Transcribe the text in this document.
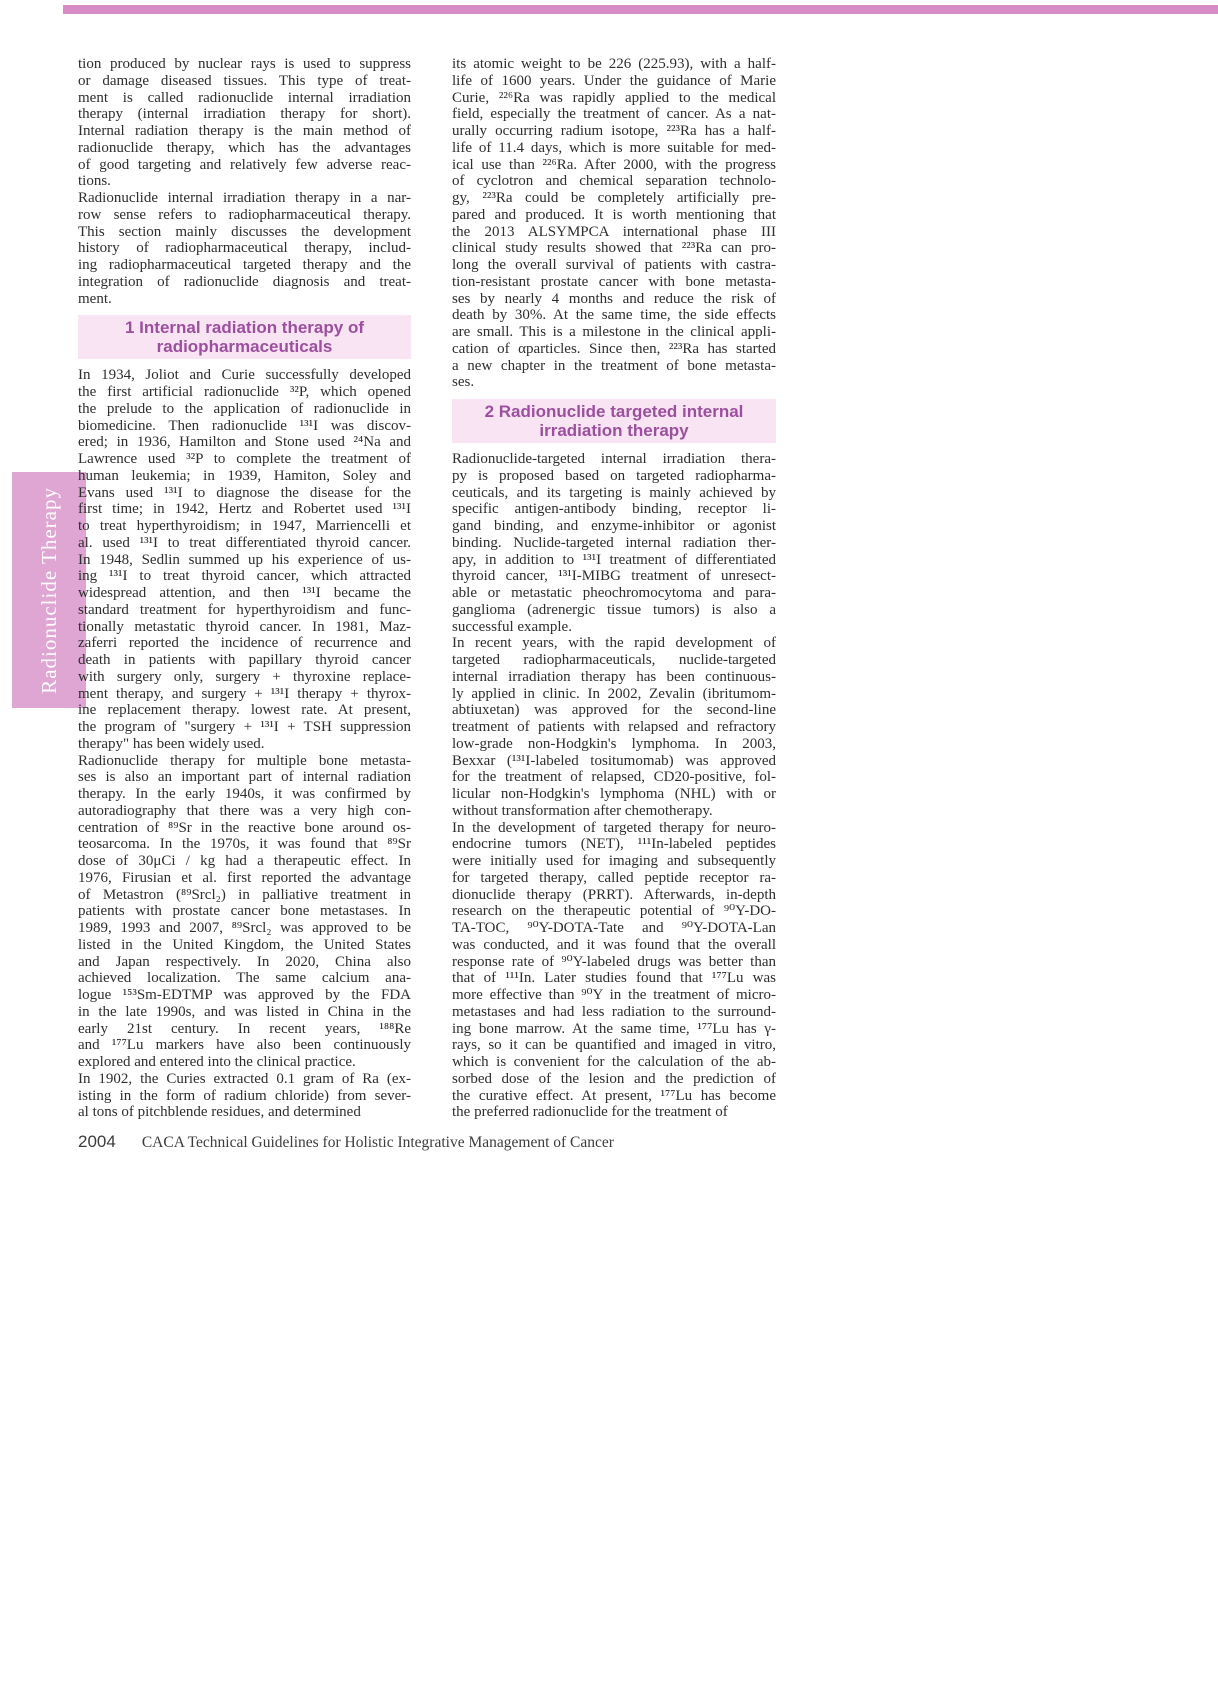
Radionuclide Therapy
tion produced by nuclear rays is used to suppress
or damage diseased tissues. This type of treat-
ment is called radionuclide internal irradiation
therapy (internal irradiation therapy for short).
Internal radiation therapy is the main method of
radionuclide therapy, which has the advantages
of good targeting and relatively few adverse reac-
tions.
Radionuclide internal irradiation therapy in a nar-
row sense refers to radiopharmaceutical therapy.
This section mainly discusses the development
history of radiopharmaceutical therapy, includ-
ing radiopharmaceutical targeted therapy and the
integration of radionuclide diagnosis and treat-
ment.
1 Internal radiation therapy of radiopharmaceuticals
In 1934, Joliot and Curie successfully developed
the first artificial radionuclide ³²P, which opened
the prelude to the application of radionuclide in
biomedicine. Then radionuclide ¹³¹I was discov-
ered; in 1936, Hamilton and Stone used ²⁴Na and
Lawrence used ³²P to complete the treatment of
human leukemia; in 1939, Hamiton, Soley and
Evans used ¹³¹I to diagnose the disease for the
first time; in 1942, Hertz and Robertet used ¹³¹I
to treat hyperthyroidism; in 1947, Marriencelli et
al. used ¹³¹I to treat differentiated thyroid cancer.
In 1948, Sedlin summed up his experience of us-
ing ¹³¹I to treat thyroid cancer, which attracted
widespread attention, and then ¹³¹I became the
standard treatment for hyperthyroidism and func-
tionally metastatic thyroid cancer. In 1981, Maz-
zaferri reported the incidence of recurrence and
death in patients with papillary thyroid cancer
with surgery only, surgery + thyroxine replace-
ment therapy, and surgery + ¹³¹I therapy + thyrox-
ine replacement therapy. lowest rate. At present,
the program of "surgery + ¹³¹I + TSH suppression
therapy" has been widely used.
Radionuclide therapy for multiple bone metasta-
ses is also an important part of internal radiation
therapy. In the early 1940s, it was confirmed by
autoradiography that there was a very high con-
centration of ⁸⁹Sr in the reactive bone around os-
teosarcoma. In the 1970s, it was found that ⁸⁹Sr
dose of 30μCi / kg had a therapeutic effect. In
1976, Firusian et al. first reported the advantage
of Metastron (⁸⁹Srcl₂) in palliative treatment in
patients with prostate cancer bone metastases. In
1989, 1993 and 2007, ⁸⁹Srcl₂ was approved to be
listed in the United Kingdom, the United States
and Japan respectively. In 2020, China also
achieved localization. The same calcium ana-
logue ¹⁵³Sm-EDTMP was approved by the FDA
in the late 1990s, and was listed in China in the
early 21st century. In recent years, ¹⁸⁸Re
and ¹⁷⁷Lu markers have also been continuously
explored and entered into the clinical practice.
In 1902, the Curies extracted 0.1 gram of Ra (ex-
isting in the form of radium chloride) from sever-
al tons of pitchblende residues, and determined
its atomic weight to be 226 (225.93), with a half-
life of 1600 years. Under the guidance of Marie
Curie, ²²⁶Ra was rapidly applied to the medical
field, especially the treatment of cancer. As a nat-
urally occurring radium isotope, ²²³Ra has a half-
life of 11.4 days, which is more suitable for med-
ical use than ²²⁶Ra. After 2000, with the progress
of cyclotron and chemical separation technolo-
gy, ²²³Ra could be completely artificially pre-
pared and produced. It is worth mentioning that
the 2013 ALSYMPCA international phase III
clinical study results showed that ²²³Ra can pro-
long the overall survival of patients with castra-
tion-resistant prostate cancer with bone metasta-
ses by nearly 4 months and reduce the risk of
death by 30%. At the same time, the side effects
are small. This is a milestone in the clinical appli-
cation of αparticles. Since then, ²²³Ra has started
a new chapter in the treatment of bone metasta-
ses.
2 Radionuclide targeted internal irradiation therapy
Radionuclide-targeted internal irradiation thera-
py is proposed based on targeted radiopharma-
ceuticals, and its targeting is mainly achieved by
specific antigen-antibody binding, receptor li-
gand binding, and enzyme-inhibitor or agonist
binding. Nuclide-targeted internal radiation ther-
apy, in addition to ¹³¹I treatment of differentiated
thyroid cancer, ¹³¹I-MIBG treatment of unresect-
able or metastatic pheochromocytoma and para-
ganglioma (adrenergic tissue tumors) is also a
successful example.
In recent years, with the rapid development of
targeted radiopharmaceuticals, nuclide-targeted
internal irradiation therapy has been continuous-
ly applied in clinic. In 2002, Zevalin (ibritumom-
abtiuxetan) was approved for the second-line
treatment of patients with relapsed and refractory
low-grade non-Hodgkin's lymphoma. In 2003,
Bexxar (¹³¹I-labeled tositumomab) was approved
for the treatment of relapsed, CD20-positive, fol-
licular non-Hodgkin's lymphoma (NHL) with or
without transformation after chemotherapy.
In the development of targeted therapy for neuro-
endocrine tumors (NET), ¹¹¹In-labeled peptides
were initially used for imaging and subsequently
for targeted therapy, called peptide receptor ra-
dionuclide therapy (PRRT). Afterwards, in-depth
research on the therapeutic potential of ⁹⁰Y-DO-
TA-TOC, ⁹⁰Y-DOTA-Tate and ⁹⁰Y-DOTA-Lan
was conducted, and it was found that the overall
response rate of ⁹⁰Y-labeled drugs was better than
that of ¹¹¹In. Later studies found that ¹⁷⁷Lu was
more effective than ⁹⁰Y in the treatment of micro-
metastases and had less radiation to the surround-
ing bone marrow. At the same time, ¹⁷⁷Lu has γ-
rays, so it can be quantified and imaged in vitro,
which is convenient for the calculation of the ab-
sorbed dose of the lesion and the prediction of
the curative effect. At present, ¹⁷⁷Lu has become
the preferred radionuclide for the treatment of
2004 CACA Technical Guidelines for Holistic Integrative Management of Cancer
